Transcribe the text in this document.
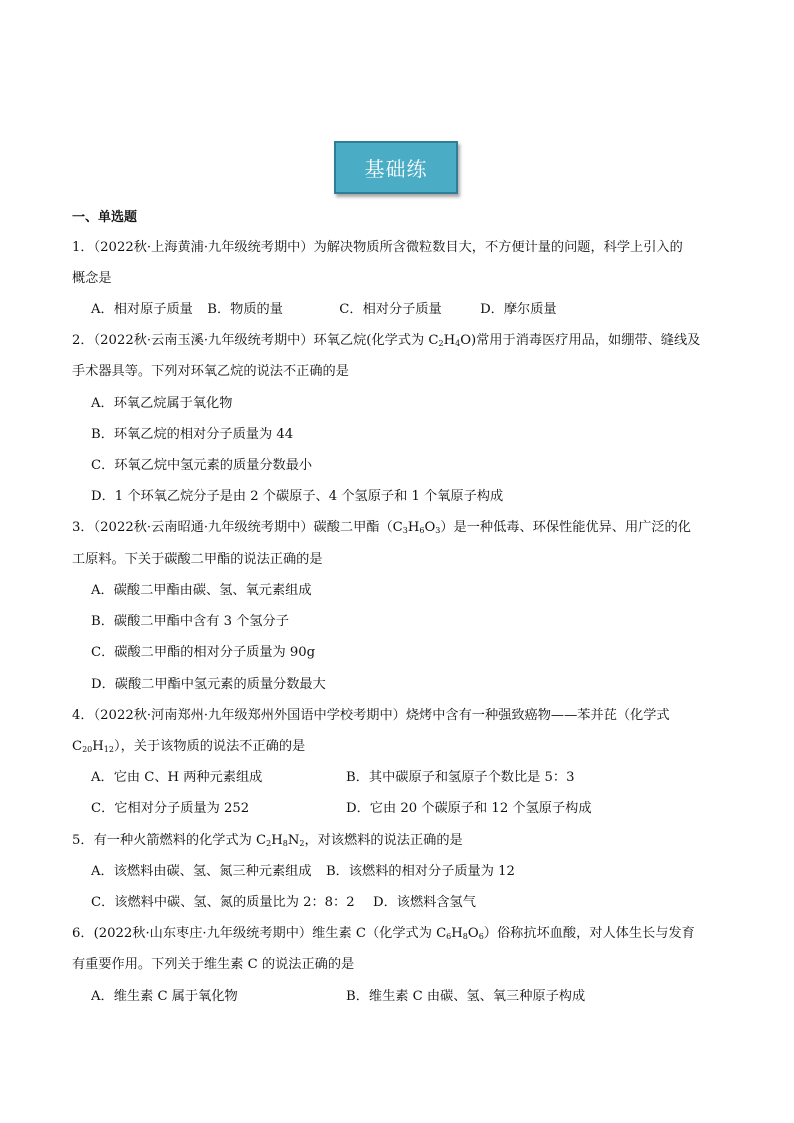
基础练
一、单选题
1．（2022秋·上海黄浦·九年级统考期中）为解决物质所含微粒数目大，不方便计量的问题，科学上引入的
概念是
A．相对原子质量 B．物质的量	C．相对分子质量	D．摩尔质量
2．（2022秋·云南玉溪·九年级统考期中）环氧乙烷(化学式为 $C_2H_4O$)常用于消毒医疗用品，如绷带、缝线及
手术器具等。下列对环氧乙烷的说法不正确的是
A．环氧乙烷属于氧化物
B．环氧乙烷的相对分子质量为 44
C．环氧乙烷中氢元素的质量分数最小
D．1 个环氧乙烷分子是由 2 个碳原子、4 个氢原子和 1 个氧原子构成
3．（2022秋·云南昭通·九年级统考期中）碳酸二甲酯$(C_3H_6O_3)$是一种低毒、环保性能优异、用广泛的化
工原料。下关于碳酸二甲酯的说法正确的是
A．碳酸二甲酯由碳、氢、氧元素组成
B．碳酸二甲酯中含有 3 个氢分子
C．碳酸二甲酯的相对分子质量为 90g
D．碳酸二甲酯中氢元素的质量分数最大
4．（2022秋·河南郑州·九年级郑州外国语中学校考期中）烧烤中含有一种强致癌物——苯并芘（化学式
$C_{20}H_{12}$），关于该物质的说法不正确的是
A．它由 C、H 两种元素组成	B．其中碳原子和氢原子个数比是 5：3
C．它相对分子质量为 252	D．它由 20 个碳原子和 12 个氢原子构成
5．有一种火箭燃料的化学式为 $C_2H_8N_2$，对该燃料的说法正确的是
A．该燃料由碳、氢、氮三种元素组成 B．该燃料的相对分子质量为 12
C．该燃料中碳、氢、氮的质量比为 2：8：2 D．该燃料含氢气
6．(2022秋·山东枣庄·九年级统考期中）维生素 C（化学式为 $C_6H_8O_6$）俗称抗坏血酸，对人体生长与发育
有重要作用。下列关于维生素 C 的说法正确的是
A．维生素 C 属于氧化物	B．维生素 C 由碳、氢、氧三种原子构成
